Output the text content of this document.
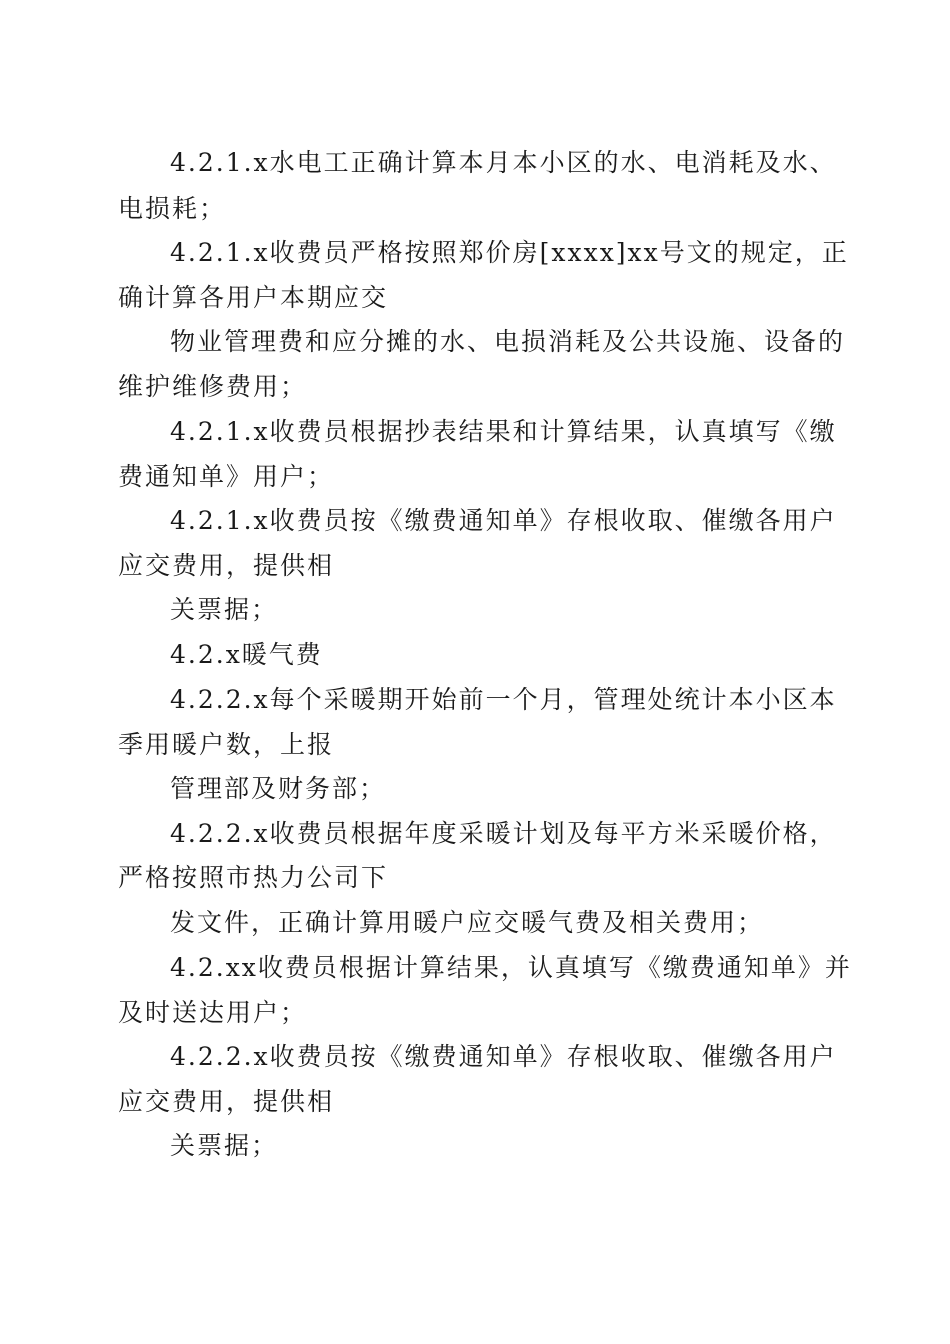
4.2.1.x水电工正确计算本月本小区的水、电消耗及水、
电损耗；
4.2.1.x收费员严格按照郑价房[xxxx]xx号文的规定，正
确计算各用户本期应交
物业管理费和应分摊的水、电损消耗及公共设施、设备的
维护维修费用；
4.2.1.x收费员根据抄表结果和计算结果，认真填写《缴
费通知单》用户；
4.2.1.x收费员按《缴费通知单》存根收取、催缴各用户
应交费用，提供相
关票据；
4.2.x暖气费
4.2.2.x每个采暖期开始前一个月，管理处统计本小区本
季用暖户数，上报
管理部及财务部；
4.2.2.x收费员根据年度采暖计划及每平方米采暖价格，
严格按照市热力公司下
发文件，正确计算用暖户应交暖气费及相关费用；
4.2.xx收费员根据计算结果，认真填写《缴费通知单》并
及时送达用户；
4.2.2.x收费员按《缴费通知单》存根收取、催缴各用户
应交费用，提供相
关票据；
